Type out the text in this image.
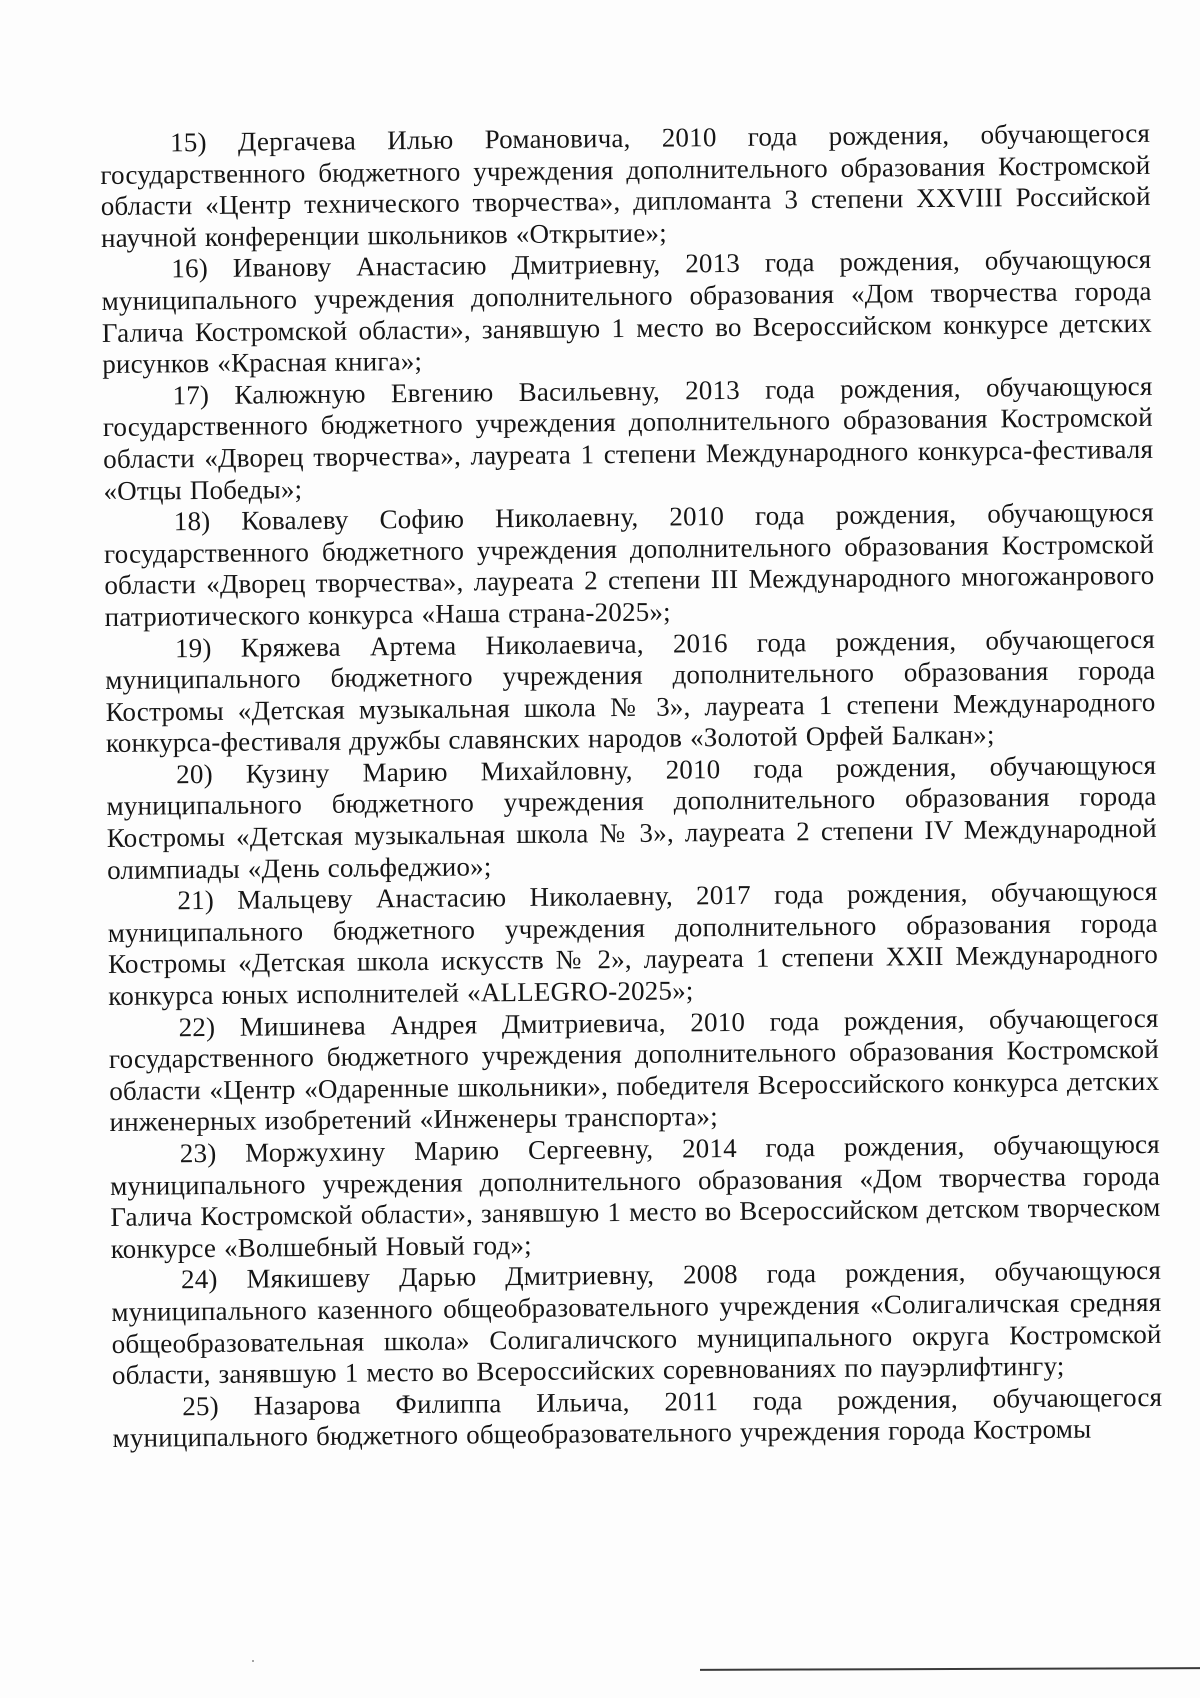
15) Дергачева Илью Романовича, 2010 года рождения, обучающегося государственного бюджетного учреждения дополнительного образования Костромской области «Центр технического творчества», дипломанта 3 степени XXVIII Российской научной конференции школьников «Открытие»;

16) Иванову Анастасию Дмитриевну, 2013 года рождения, обучающуюся муниципального учреждения дополнительного образования «Дом творчества города Галича Костромской области», занявшую 1 место во Всероссийском конкурсе детских рисунков «Красная книга»;

17) Калюжную Евгению Васильевну, 2013 года рождения, обучающуюся государственного бюджетного учреждения дополнительного образования Костромской области «Дворец творчества», лауреата 1 степени Международного конкурса-фестиваля «Отцы Победы»;

18) Ковалеву Софию Николаевну, 2010 года рождения, обучающуюся государственного бюджетного учреждения дополнительного образования Костромской области «Дворец творчества», лауреата 2 степени III Международного многожанрового патриотического конкурса «Наша страна-2025»;

19) Кряжева Артема Николаевича, 2016 года рождения, обучающегося муниципального бюджетного учреждения дополнительного образования города Костромы «Детская музыкальная школа № 3», лауреата 1 степени Международного конкурса-фестиваля дружбы славянских народов «Золотой Орфей Балкан»;

20) Кузину Марию Михайловну, 2010 года рождения, обучающуюся муниципального бюджетного учреждения дополнительного образования города Костромы «Детская музыкальная школа № 3», лауреата 2 степени IV Международной олимпиады «День сольфеджио»;

21) Мальцеву Анастасию Николаевну, 2017 года рождения, обучающуюся муниципального бюджетного учреждения дополнительного образования города Костромы «Детская школа искусств № 2», лауреата 1 степени XXII Международного конкурса юных исполнителей «ALLEGRO-2025»;

22) Мишинева Андрея Дмитриевича, 2010 года рождения, обучающегося государственного бюджетного учреждения дополнительного образования Костромской области «Центр «Одаренные школьники», победителя Всероссийского конкурса детских инженерных изобретений «Инженеры транспорта»;

23) Моржухину Марию Сергеевну, 2014 года рождения, обучающуюся муниципального учреждения дополнительного образования «Дом творчества города Галича Костромской области», занявшую 1 место во Всероссийском детском творческом конкурсе «Волшебный Новый год»;

24) Мякишеву Дарью Дмитриевну, 2008 года рождения, обучающуюся муниципального казенного общеобразовательного учреждения «Солигаличская средняя общеобразовательная школа» Солигаличского муниципального округа Костромской области, занявшую 1 место во Всероссийских соревнованиях по пауэрлифтингу;

25) Назарова Филиппа Ильича, 2011 года рождения, обучающегося муниципального бюджетного общеобразовательного учреждения города Костромы
